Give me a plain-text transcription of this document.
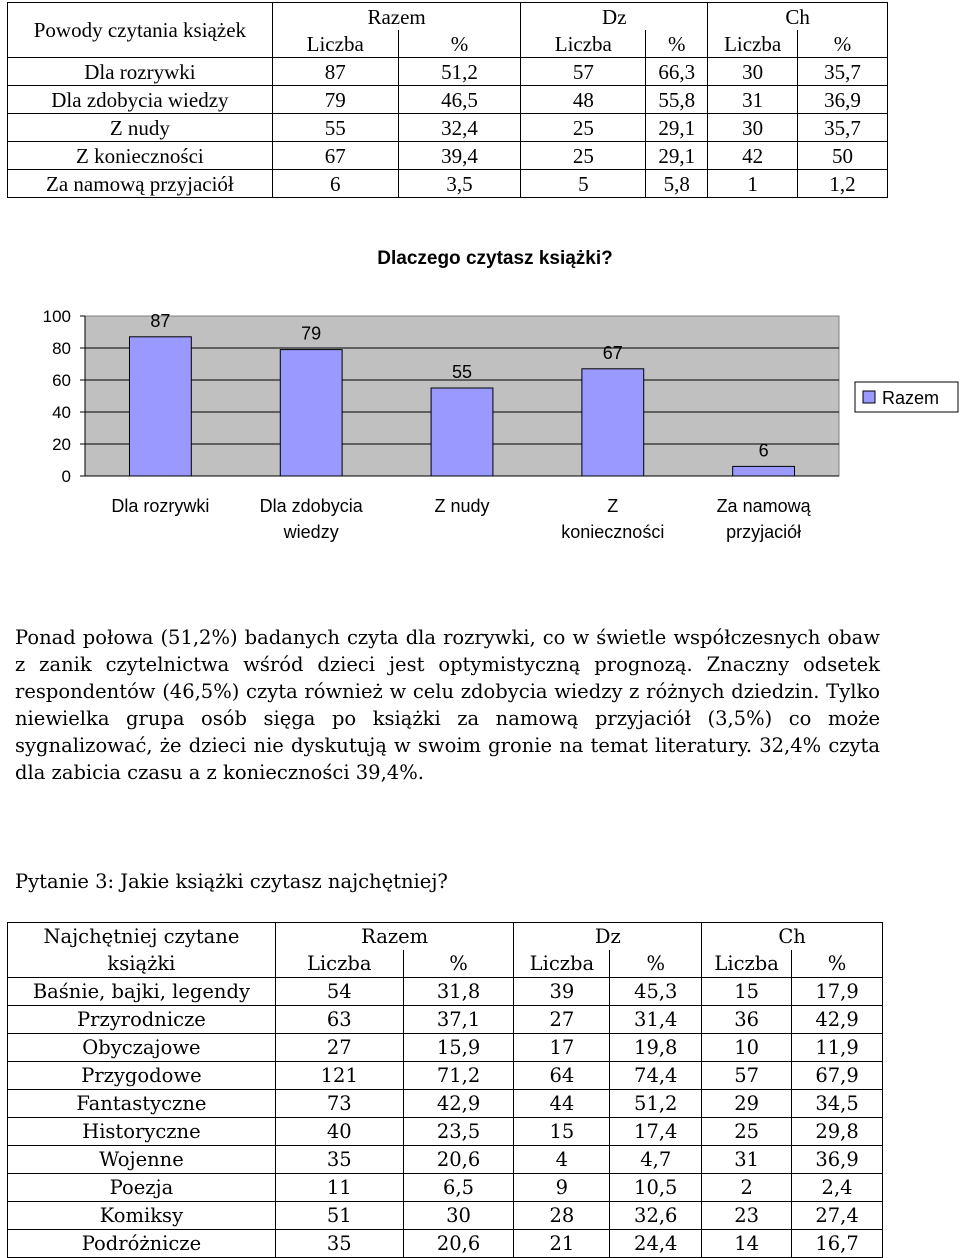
Powody czytania książek	Razem		Dz		Ch	
	Liczba	%	Liczba	%	Liczba	%
Dla rozrywki	87	51,2	57	66,3	30	35,7
Dla zdobycia wiedzy	79	46,5	48	55,8	31	36,9
Z nudy	55	32,4	25	29,1	30	35,7
Z konieczności	67	39,4	25	29,1	42	50
Za namową przyjaciół	6	3,5	5	5,8	1	1,2
Dlaczego czytasz książki?
0
20
40
60
80
100	87
79
55
67
6
Dla rozrywki	Dla zdobycia wiedzy
Z nudy	Z konieczności
Za namową przyjaciół
Razem

Ponad połowa (51,2%) badanych czyta dla rozrywki, co w świetle współczesnych obaw z zanik czytelnictwa wśród dzieci jest optymistyczną prognozą. Znaczny odsetek respondentów (46,5%) czyta również w celu zdobycia wiedzy z różnych dziedzin. Tylko niewielka grupa osób sięga po książki za namową przyjaciół (3,5%) co może sygnalizować, że dzieci nie dyskutują w swoim gronie na temat literatury. 32,4% czyta dla zabicia czasu a z konieczności 39,4%.

Pytanie 3: Jakie książki czytasz najchętniej?

Najchętniej czytane książki	Razem		Dz		Ch	
	Liczba	%	Liczba	%	Liczba	%
Baśnie, bajki, legendy	54	31,8	39	45,3	15	17,9
Przyrodnicze	63	37,1	27	31,4	36	42,9
Obyczajowe	27	15,9	17	19,8	10	11,9
Przygodowe	121	71,2	64	74,4	57	67,9
Fantastyczne	73	42,9	44	51,2	29	34,5
Historyczne	40	23,5	15	17,4	25	29,8
Wojenne	35	20,6	4	4,7	31	36,9
Poezja	11	6,5	9	10,5	2	2,4
Komiksy	51	30	28	32,6	23	27,4
Podróżnicze	35	20,6	21	24,4	14	16,7
